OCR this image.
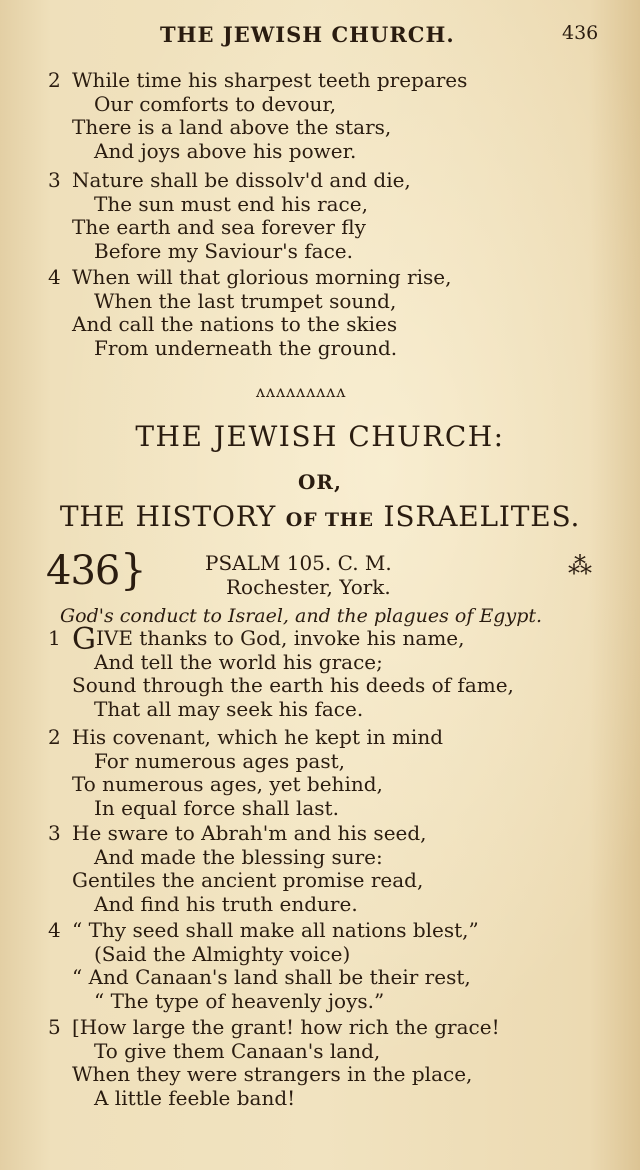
THE JEWISH CHURCH.	436
2 While time his sharpest teeth prepares
Our comforts to devour,
There is a land above the stars,
And joys above his power.
3 Nature shall be dissolv'd and die,
The sun must end his race,
The earth and sea forever fly
Before my Saviour's face.
4 When will that glorious morning rise,
When the last trumpet sound,
And call the nations to the skies
From underneath the ground.
ʌʌʌʌʌʌʌʌʌ
THE JEWISH CHURCH:
OR,
THE HISTORY OF THE ISRAELITES.
436 }	PSALM 105. C. M.
Rochester, York.
⁂
God's conduct to Israel, and the plagues of Egypt.
1 GIVE thanks to God, invoke his name,
And tell the world his grace;
Sound through the earth his deeds of fame,
That all may seek his face.
2 His covenant, which he kept in mind
For numerous ages past,
To numerous ages, yet behind,
In equal force shall last.
3 He sware to Abrah'm and his seed,
And made the blessing sure:
Gentiles the ancient promise read,
And find his truth endure.
4 “ Thy seed shall make all nations blest,”
(Said the Almighty voice)
“ And Canaan's land shall be their rest,
“ The type of heavenly joys.”
5 [How large the grant! how rich the grace!
To give them Canaan's land,
When they were strangers in the place,
A little feeble band!
